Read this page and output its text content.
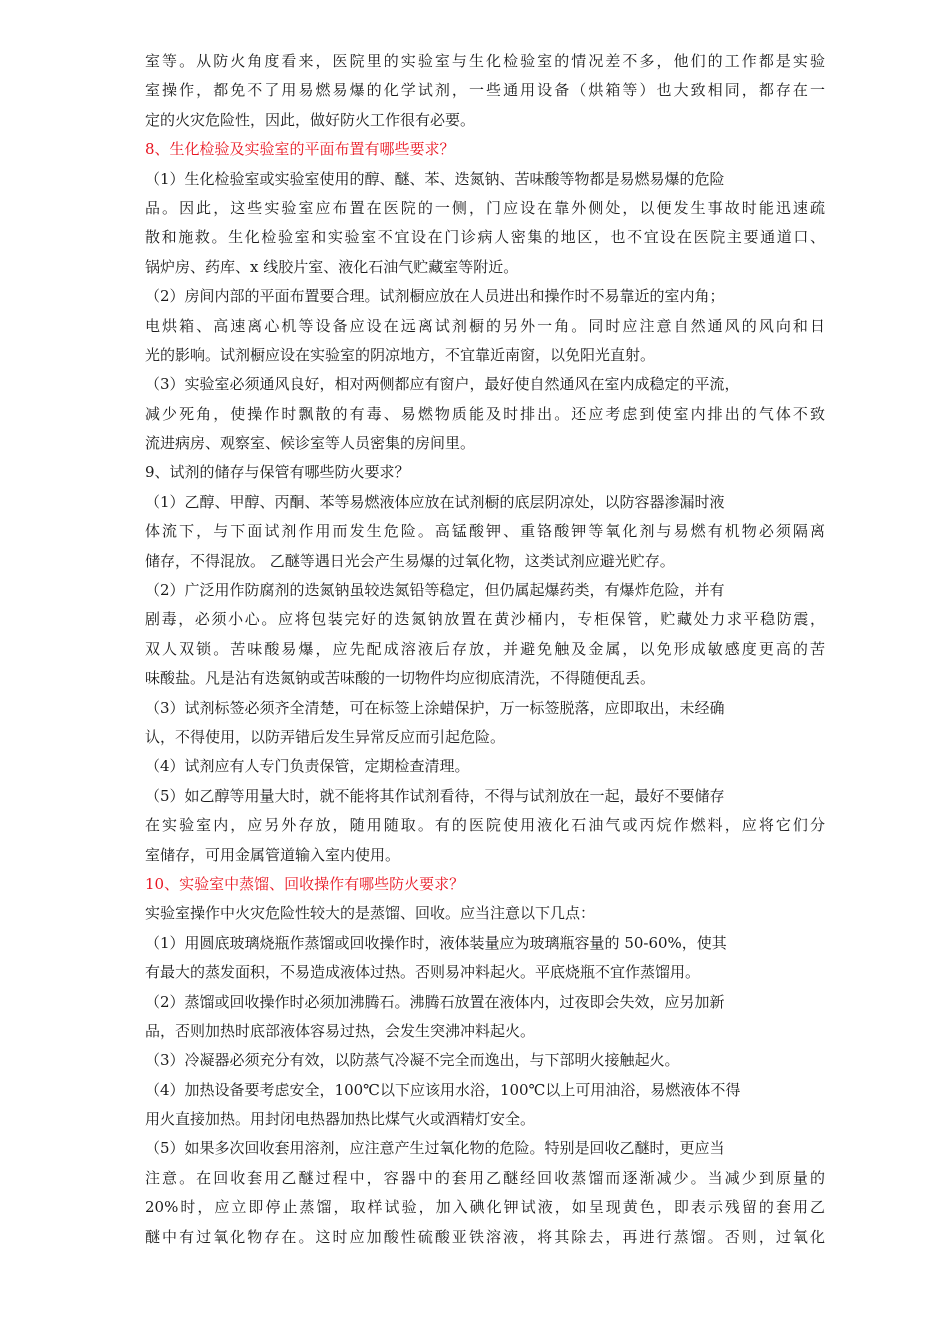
室等。从防火角度看来，医院里的实验室与生化检验室的情况差不多，他们的工作都是实验
室操作，都免不了用易燃易爆的化学试剂，一些通用设备（烘箱等）也大致相同，都存在一
定的火灾危险性，因此，做好防火工作很有必要。
8、生化检验及实验室的平面布置有哪些要求？
（1）生化检验室或实验室使用的醇、醚、苯、迭氮钠、苦味酸等物都是易燃易爆的危险
品。因此，这些实验室应布置在医院的一侧，门应设在靠外侧处，以便发生事故时能迅速疏
散和施救。生化检验室和实验室不宜设在门诊病人密集的地区，也不宜设在医院主要通道口、
锅炉房、药库、x 线胶片室、液化石油气贮藏室等附近。
（2）房间内部的平面布置要合理。试剂橱应放在人员进出和操作时不易靠近的室内角；
电烘箱、高速离心机等设备应设在远离试剂橱的另外一角。同时应注意自然通风的风向和日
光的影响。试剂橱应设在实验室的阴凉地方，不宜靠近南窗，以免阳光直射。
（3）实验室必须通风良好，相对两侧都应有窗户，最好使自然通风在室内成稳定的平流，
减少死角，使操作时飘散的有毒、易燃物质能及时排出。还应考虑到使室内排出的气体不致
流进病房、观察室、候诊室等人员密集的房间里。
9、试剂的储存与保管有哪些防火要求？
（1）乙醇、甲醇、丙酮、苯等易燃液体应放在试剂橱的底层阴凉处，以防容器渗漏时液
体流下，与下面试剂作用而发生危险。高锰酸钾、重铬酸钾等氧化剂与易燃有机物必须隔离
储存，不得混放。 乙醚等遇日光会产生易爆的过氧化物，这类试剂应避光贮存。
（2）广泛用作防腐剂的迭氮钠虽较迭氮铅等稳定，但仍属起爆药类，有爆炸危险，并有
剧毒，必须小心。应将包装完好的迭氮钠放置在黄沙桶内，专柜保管，贮藏处力求平稳防震，
双人双锁。苦味酸易爆，应先配成溶液后存放，并避免触及金属，以免形成敏感度更高的苦
味酸盐。凡是沾有迭氮钠或苦味酸的一切物件均应彻底清洗，不得随便乱丢。
（3）试剂标签必须齐全清楚，可在标签上涂蜡保护，万一标签脱落，应即取出，未经确
认，不得使用，以防弄错后发生异常反应而引起危险。
（4）试剂应有人专门负责保管，定期检查清理。
（5）如乙醇等用量大时，就不能将其作试剂看待，不得与试剂放在一起，最好不要储存
在实验室内，应另外存放，随用随取。有的医院使用液化石油气或丙烷作燃料，应将它们分
室储存，可用金属管道输入室内使用。
10、实验室中蒸馏、回收操作有哪些防火要求？
实验室操作中火灾危险性较大的是蒸馏、回收。应当注意以下几点：
（1）用圆底玻璃烧瓶作蒸馏或回收操作时，液体装量应为玻璃瓶容量的 50-60%，使其
有最大的蒸发面积，不易造成液体过热。否则易冲料起火。平底烧瓶不宜作蒸馏用。
（2）蒸馏或回收操作时必须加沸腾石。沸腾石放置在液体内，过夜即会失效，应另加新
品，否则加热时底部液体容易过热，会发生突沸冲料起火。
（3）冷凝器必须充分有效，以防蒸气冷凝不完全而逸出，与下部明火接触起火。
（4）加热设备要考虑安全，100℃以下应该用水浴，100℃以上可用油浴，易燃液体不得
用火直接加热。用封闭电热器加热比煤气火或酒精灯安全。
（5）如果多次回收套用溶剂，应注意产生过氧化物的危险。特别是回收乙醚时，更应当
注意。在回收套用乙醚过程中，容器中的套用乙醚经回收蒸馏而逐渐减少。当减少到原量的
20%时，应立即停止蒸馏，取样试验，加入碘化钾试液，如呈现黄色，即表示残留的套用乙
醚中有过氧化物存在。这时应加酸性硫酸亚铁溶液，将其除去，再进行蒸馏。否则，过氧化
